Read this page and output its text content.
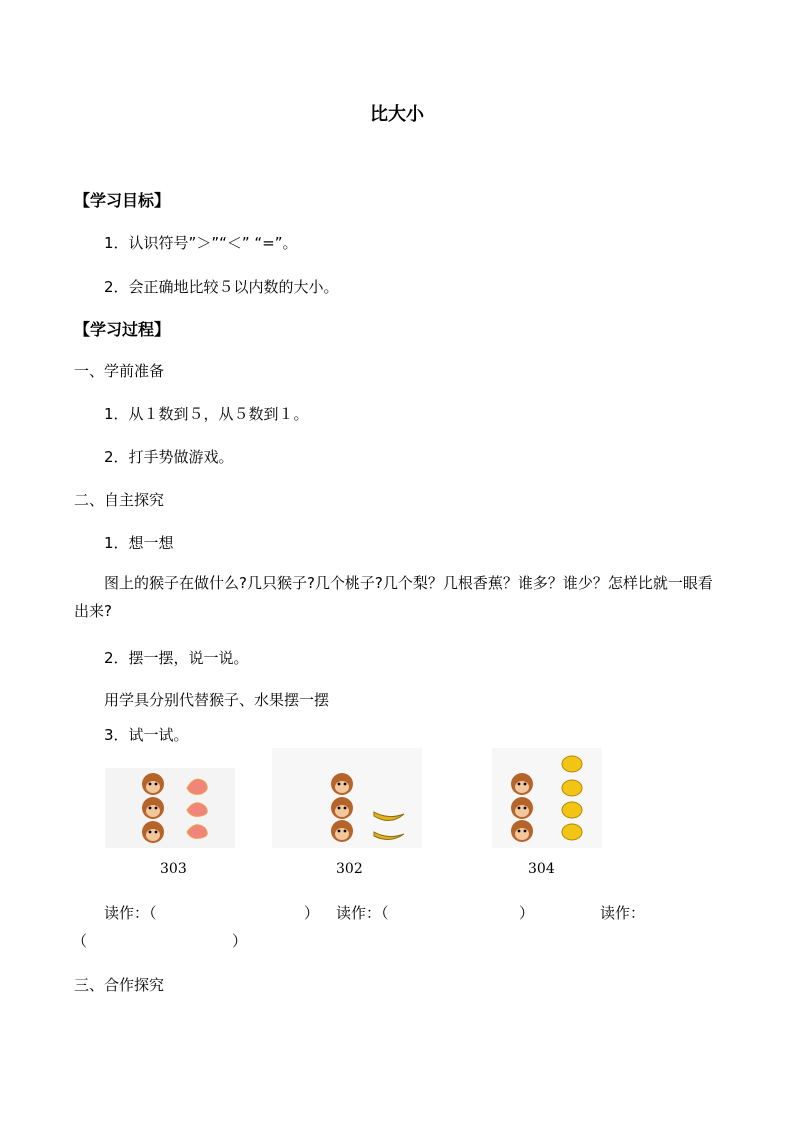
比大小
【学习目标】
1．认识符号”＞”“＜” “=”。
2．会正确地比较５以内数的大小。
【学习过程】
一、学前准备
1．从１数到５，从５数到１。
2．打手势做游戏。
二、自主探究
1．想一想
图上的猴子在做什么?几只猴子?几个桃子?几个梨？几根香蕉？谁多？谁少？怎样比就一眼看出来?
2．摆一摆，说一说。
用学具分别代替猴子、水果摆一摆
3．试一试。
303	302	304
读作：（	） 读作：（	）	读作：
（	）
三、合作探究
